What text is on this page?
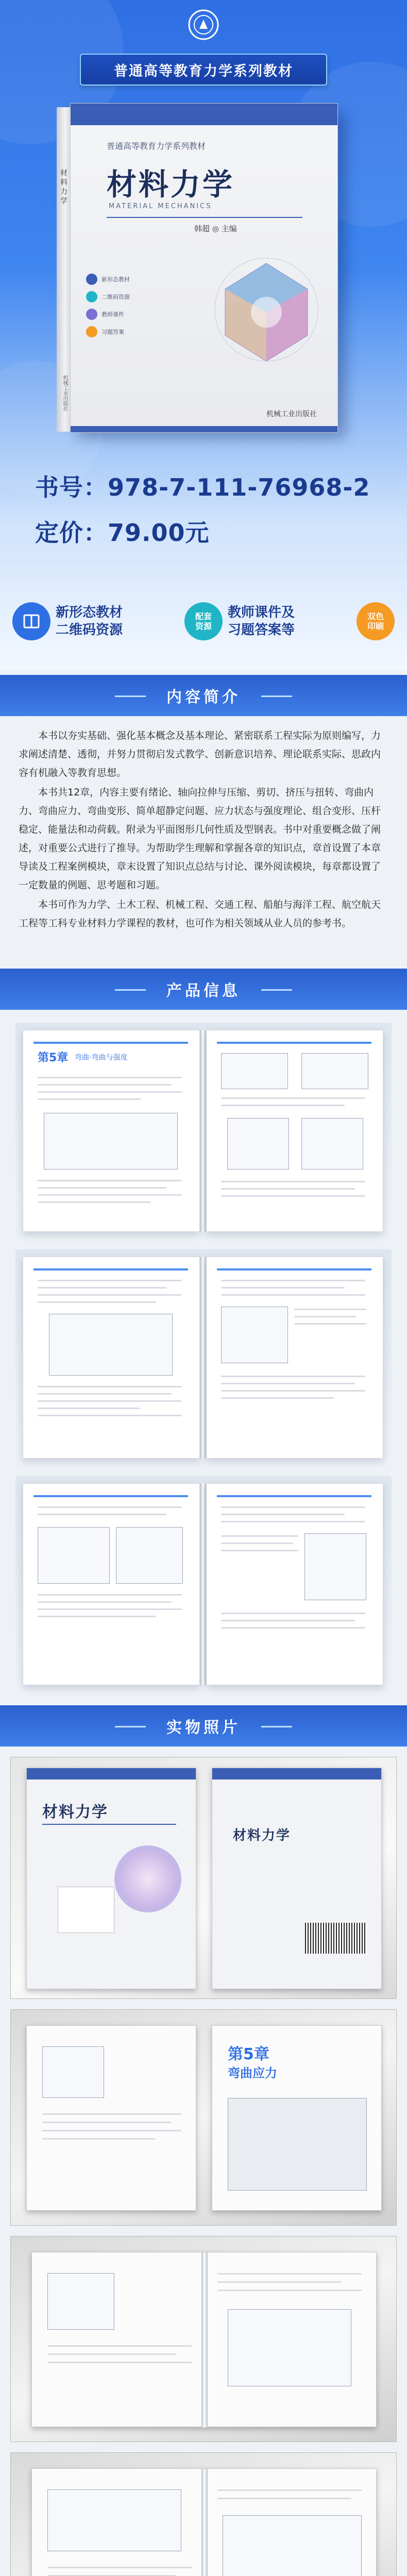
普通高等教育力学系列教材
材料力学
机械工业出版社
普通高等教育力学系列教材
材料力学
MATERIAL MECHANICS
韩超 ◎ 主编
新形态教材
二维码资源
教师课件
习题答案
机械工业出版社
书号：978-7-111-76968-2
定价：79.00元
新形态教材
二维码资源
配套
资源
教师课件及
习题答案等
双色
印刷
内容简介

本书以夯实基础、强化基本概念及基本理论、紧密联系工程实际为原则编写，力求阐述清楚、透彻，并努力贯彻启发式教学、创新意识培养、理论联系实际、思政内容有机融入等教育思想。

本书共12章，内容主要有绪论、轴向拉伸与压缩、剪切、挤压与扭转、弯曲内力、弯曲应力、弯曲变形、简单超静定问题、应力状态与强度理论、组合变形、压杆稳定、能量法和动荷载。附录为平面图形几何性质及型钢表。书中对重要概念做了阐述，对重要公式进行了推导。为帮助学生理解和掌握各章的知识点，章首设置了本章导读及工程案例模块，章末设置了知识点总结与讨论、课外阅读模块，每章都设置了一定数量的例题、思考题和习题。

本书可作为力学、土木工程、机械工程、交通工程、船舶与海洋工程、航空航天工程等工科专业材料力学课程的教材，也可作为相关领域从业人员的参考书。

产品信息
第5章 弯曲·弯曲与强度
实物照片
材料力学
材料力学
第5章
弯曲应力
